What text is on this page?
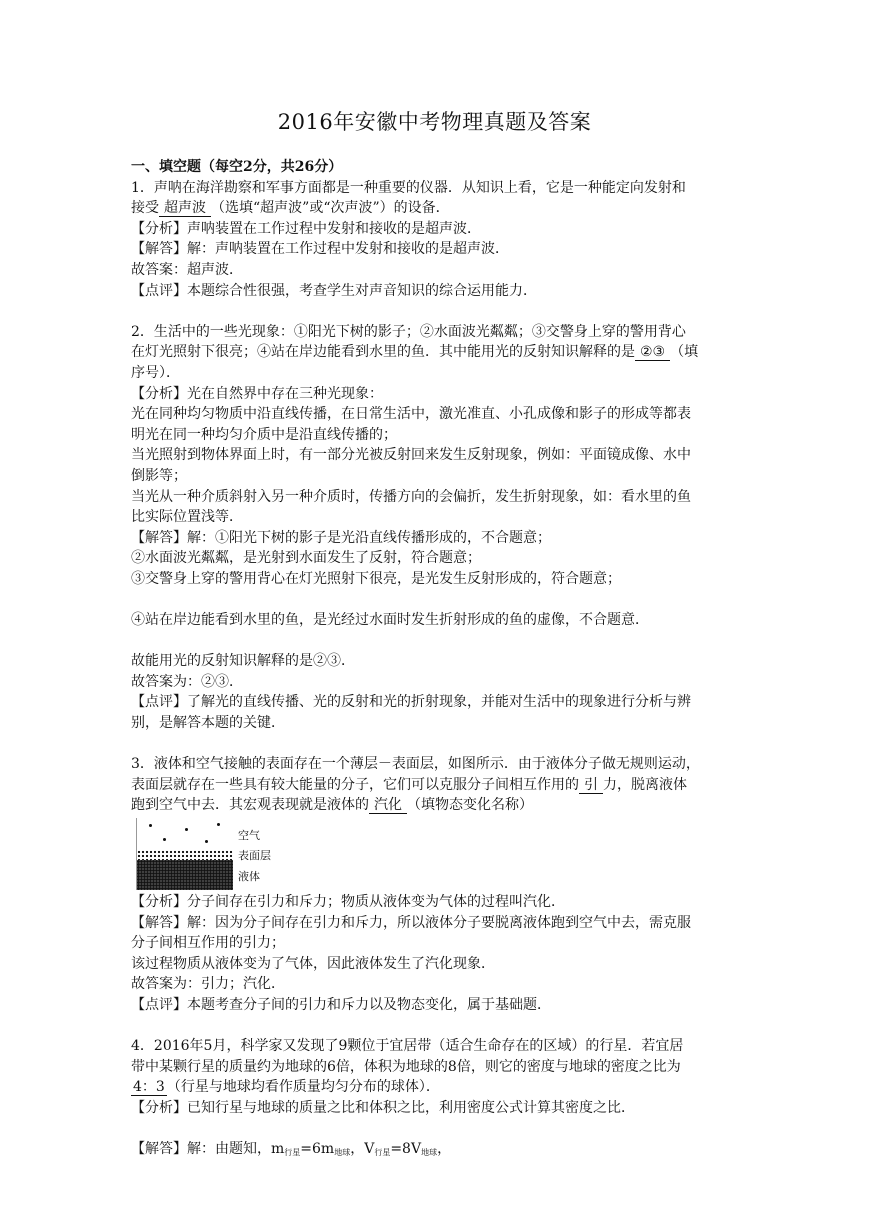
2016年安徽中考物理真题及答案
一、填空题（每空2分，共26分）
1．声呐在海洋勘察和军事方面都是一种重要的仪器．从知识上看，它是一种能定向发射和
接受 超声波 （选填“超声波”或“次声波”）的设备．
【分析】声呐装置在工作过程中发射和接收的是超声波．
【解答】解：声呐装置在工作过程中发射和接收的是超声波．
故答案：超声波．
【点评】本题综合性很强，考查学生对声音知识的综合运用能力．
2．生活中的一些光现象：①阳光下树的影子；②水面波光粼粼；③交警身上穿的警用背心
在灯光照射下很亮；④站在岸边能看到水里的鱼．其中能用光的反射知识解释的是 ②③ （填
序号）．
【分析】光在自然界中存在三种光现象：
光在同种均匀物质中沿直线传播，在日常生活中，激光准直、小孔成像和影子的形成等都表
明光在同一种均匀介质中是沿直线传播的；
当光照射到物体界面上时，有一部分光被反射回来发生反射现象，例如：平面镜成像、水中
倒影等；
当光从一种介质斜射入另一种介质时，传播方向的会偏折，发生折射现象，如：看水里的鱼
比实际位置浅等．
【解答】解：①阳光下树的影子是光沿直线传播形成的，不合题意；
②水面波光粼粼，是光射到水面发生了反射，符合题意；
③交警身上穿的警用背心在灯光照射下很亮，是光发生反射形成的，符合题意；
④站在岸边能看到水里的鱼，是光经过水面时发生折射形成的鱼的虚像，不合题意．
故能用光的反射知识解释的是②③．
故答案为：②③．
【点评】了解光的直线传播、光的反射和光的折射现象，并能对生活中的现象进行分析与辨
别，是解答本题的关键．
3．液体和空气接触的表面存在一个薄层－表面层，如图所示．由于液体分子做无规则运动，
表面层就存在一些具有较大能量的分子，它们可以克服分子间相互作用的 引 力，脱离液体
跑到空气中去．其宏观表现就是液体的 汽化 （填物态变化名称）
空气
表面层
液体
【分析】分子间存在引力和斥力；物质从液体变为气体的过程叫汽化．
【解答】解：因为分子间存在引力和斥力，所以液体分子要脱离液体跑到空气中去，需克服
分子间相互作用的引力；
该过程物质从液体变为了气体，因此液体发生了汽化现象．
故答案为：引力；汽化．
【点评】本题考查分子间的引力和斥力以及物态变化，属于基础题．
4．2016年5月，科学家又发现了9颗位于宜居带（适合生命存在的区域）的行星．若宜居
带中某颗行星的质量约为地球的6倍，体积为地球的8倍，则它的密度与地球的密度之比为
4：3 （行星与地球均看作质量均匀分布的球体）．
【分析】已知行星与地球的质量之比和体积之比，利用密度公式计算其密度之比．
【解答】解：由题知，$m_{行星}=6m_{地球}$，$V_{行星}=8V_{地球}$，
